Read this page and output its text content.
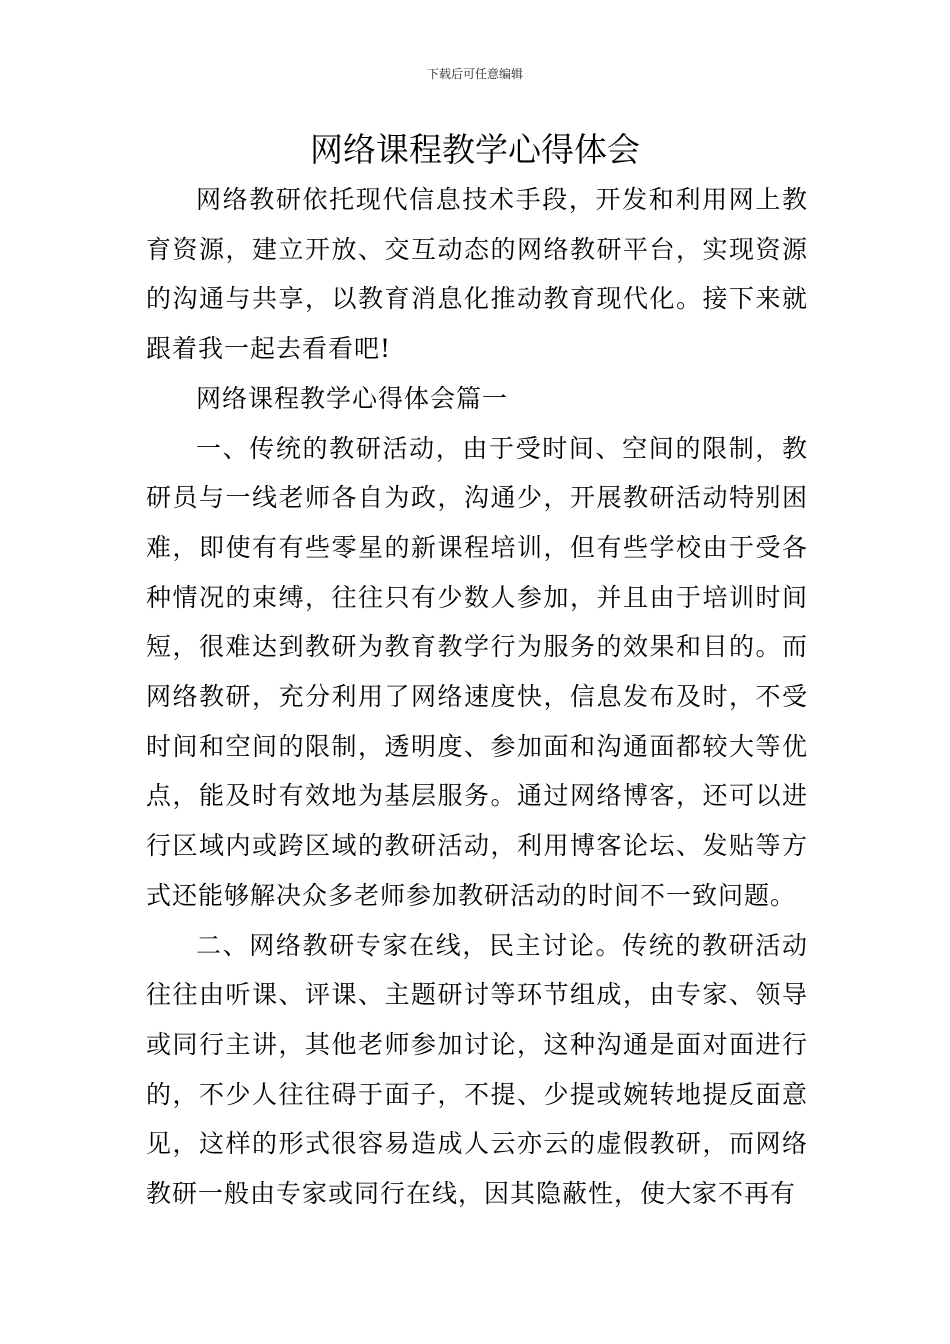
下载后可任意编辑
网络课程教学心得体会

网络教研依托现代信息技术手段，开发和利用网上教育资源，建立开放、交互动态的网络教研平台，实现资源的沟通与共享，以教育消息化推动教育现代化。接下来就跟着我一起去看看吧!

网络课程教学心得体会篇一

一、传统的教研活动，由于受时间、空间的限制，教研员与一线老师各自为政，沟通少，开展教研活动特别困难，即使有有些零星的新课程培训，但有些学校由于受各种情况的束缚，往往只有少数人参加，并且由于培训时间短，很难达到教研为教育教学行为服务的效果和目的。而网络教研，充分利用了网络速度快，信息发布及时，不受时间和空间的限制，透明度、参加面和沟通面都较大等优点，能及时有效地为基层服务。通过网络博客，还可以进行区域内或跨区域的教研活动，利用博客论坛、发贴等方式还能够解决众多老师参加教研活动的时间不一致问题。

二、网络教研专家在线，民主讨论。传统的教研活动往往由听课、评课、主题研讨等环节组成，由专家、领导或同行主讲，其他老师参加讨论，这种沟通是面对面进行的，不少人往往碍于面子，不提、少提或婉转地提反面意见，这样的形式很容易造成人云亦云的虚假教研，而网络教研一般由专家或同行在线，因其隐蔽性，使大家不再有
